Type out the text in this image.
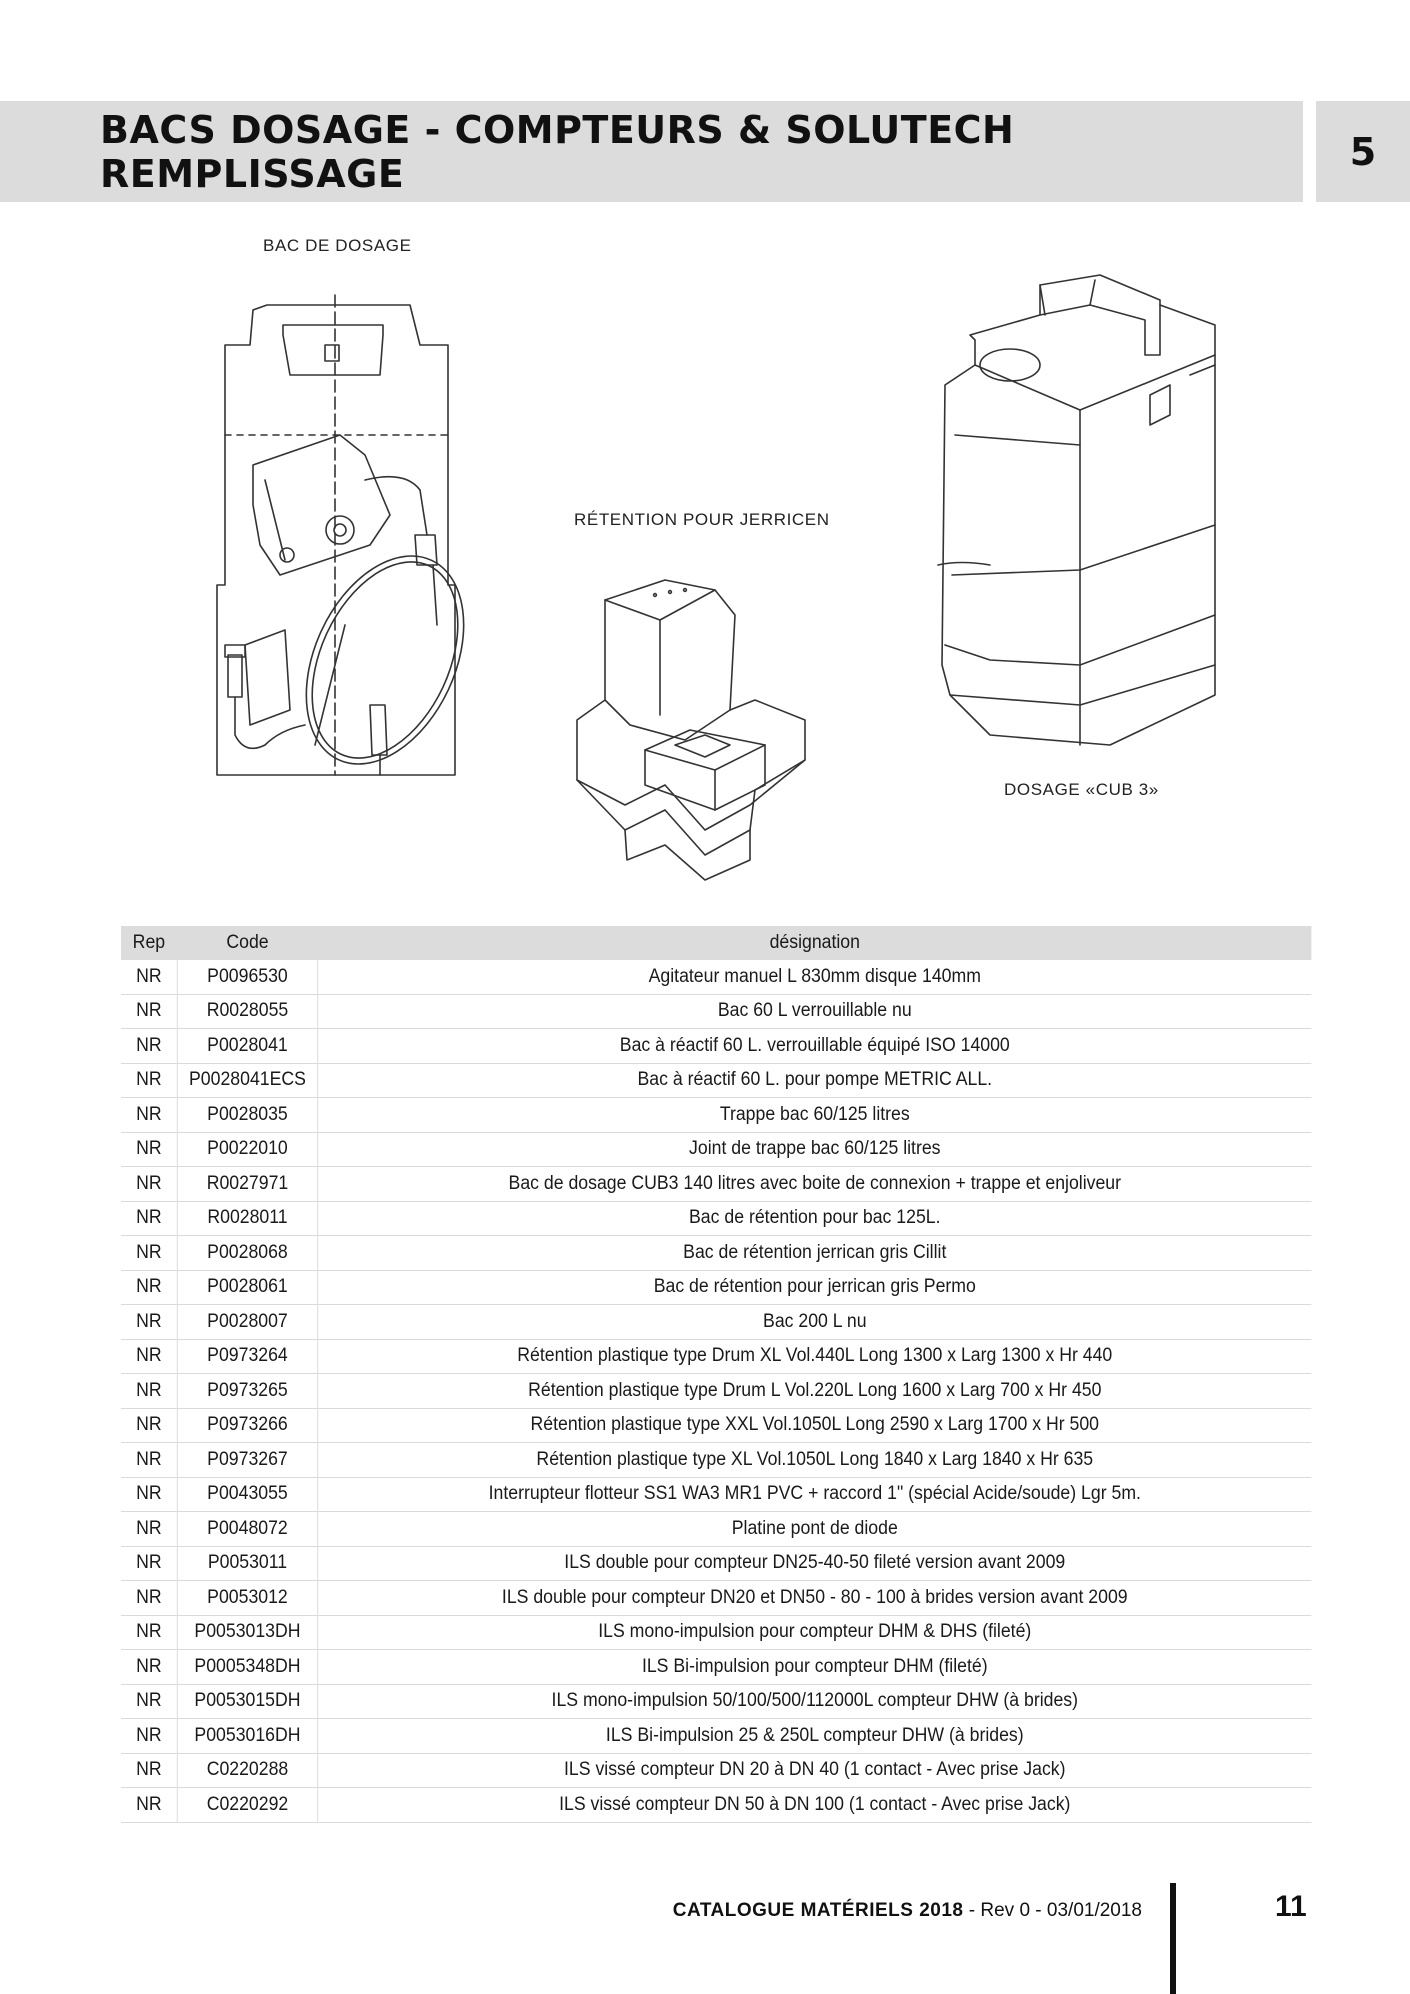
BACS DOSAGE - COMPTEURS & SOLUTECH REMPLISSAGE	5
BAC DE DOSAGE
RÉTENTION POUR JERRICEN
DOSAGE «CUB 3»
Rep	Code	désignation
NR	P0096530	Agitateur manuel L 830mm disque 140mm
NR	R0028055	Bac 60 L verrouillable nu
NR	P0028041	Bac à réactif 60 L. verrouillable équipé ISO 14000
NR	P0028041ECS	Bac à réactif 60 L. pour pompe METRIC ALL.
NR	P0028035	Trappe bac 60/125 litres
NR	P0022010	Joint de trappe bac 60/125 litres
NR	R0027971	Bac de dosage CUB3 140 litres avec boite de connexion + trappe et enjoliveur
NR	R0028011	Bac de rétention pour bac 125L.
NR	P0028068	Bac de rétention jerrican gris Cillit
NR	P0028061	Bac de rétention pour jerrican gris Permo
NR	P0028007	Bac 200 L nu
NR	P0973264	Rétention plastique type Drum XL Vol.440L Long 1300 x Larg 1300 x Hr 440
NR	P0973265	Rétention plastique type Drum L Vol.220L Long 1600 x Larg 700 x Hr 450
NR	P0973266	Rétention plastique type XXL Vol.1050L Long 2590 x Larg 1700 x Hr 500
NR	P0973267	Rétention plastique type XL Vol.1050L Long 1840 x Larg 1840 x Hr 635
NR	P0043055	Interrupteur flotteur SS1 WA3 MR1 PVC + raccord 1" (spécial Acide/soude) Lgr 5m.
NR	P0048072	Platine pont de diode
NR	P0053011	ILS double pour compteur DN25-40-50 fileté version avant 2009
NR	P0053012	ILS double pour compteur DN20 et DN50 - 80 - 100 à brides version avant 2009
NR	P0053013DH	ILS mono-impulsion pour compteur DHM & DHS (fileté)
NR	P0005348DH	ILS Bi-impulsion pour compteur DHM (fileté)
NR	P0053015DH	ILS mono-impulsion 50/100/500/112000L compteur DHW (à brides)
NR	P0053016DH	ILS Bi-impulsion 25 & 250L compteur DHW (à brides)
NR	C0220288	ILS vissé compteur DN 20 à DN 40 (1 contact - Avec prise Jack)
NR	C0220292	ILS vissé compteur DN 50 à DN 100 (1 contact - Avec prise Jack)
CATALOGUE MATÉRIELS 2018 - Rev 0 - 03/01/2018	11
